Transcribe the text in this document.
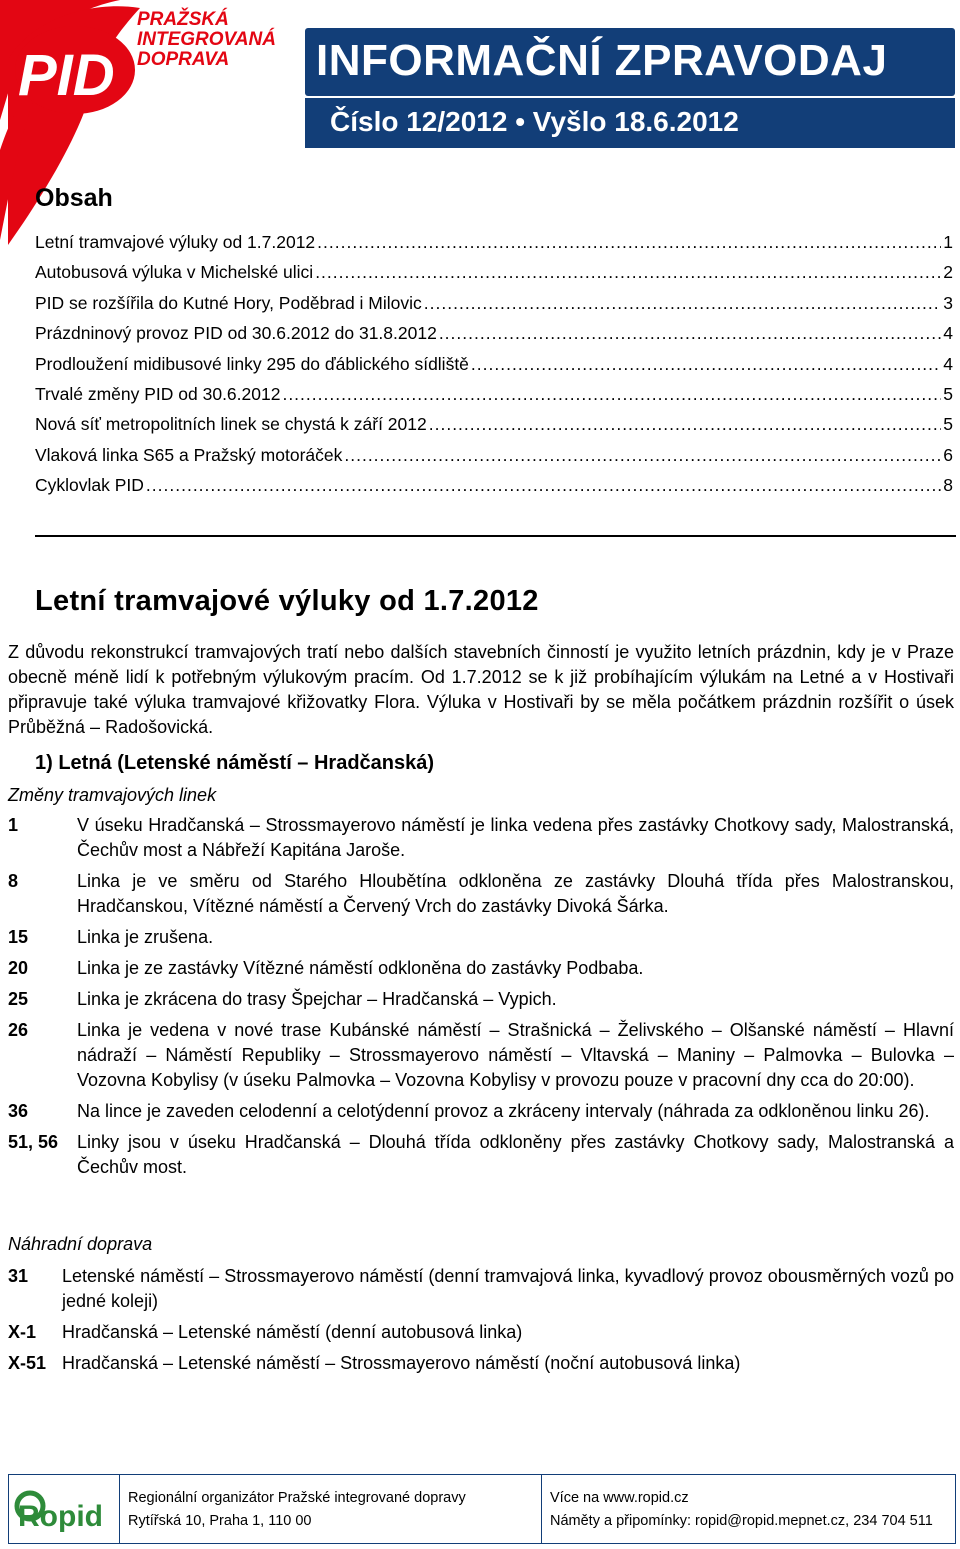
PID
PRAŽSKÁ
INTEGROVANÁ
DOPRAVA	INFORMAČNÍ ZPRAVODAJ
Číslo 12/2012 • Vyšlo 18.6.2012
Obsah
Letní tramvajové výluky od 1.7.2012 .....	1
Autobusová výluka v Michelské ulici .....	2
PID se rozšířila do Kutné Hory, Poděbrad i Milovic .....	3
Prázdninový provoz PID od 30.6.2012 do 31.8.2012 .....	4
Prodloužení midibusové linky 295 do ďáblického sídliště .....	4
Trvalé změny PID od 30.6.2012 .....	5
Nová síť metropolitních linek se chystá k září 2012 .....	5
Vlaková linka S65 a Pražský motoráček .....	6
Cyklovlak PID .....	8
Letní tramvajové výluky od 1.7.2012

Z důvodu rekonstrukcí tramvajových tratí nebo dalších stavebních činností je využito letních prázdnin, kdy je v Praze obecně méně lidí k potřebným výlukovým pracím. Od 1.7.2012 se k již probíhajícím výlukám na Letné a v Hostivaři připravuje také výluka tramvajové křižovatky Flora. Výluka v Hostivaři by se měla počátkem prázdnin rozšířit o úsek Průběžná – Radošovická.

1) Letná (Letenské náměstí – Hradčanská)
Změny tramvajových linek
1	V úseku Hradčanská – Strossmayerovo náměstí je linka vedena přes zastávky Chotkovy sady, Malostranská, Čechův most a Nábřeží Kapitána Jaroše.
8	Linka je ve směru od Starého Hloubětína odkloněna ze zastávky Dlouhá třída přes Malostranskou, Hradčanskou, Vítězné náměstí a Červený Vrch do zastávky Divoká Šárka.
15	Linka je zrušena.
20	Linka je ze zastávky Vítězné náměstí odkloněna do zastávky Podbaba.
25	Linka je zkrácena do trasy Špejchar – Hradčanská – Vypich.
26	Linka je vedena v nové trase Kubánské náměstí – Strašnická – Želivského – Olšanské náměstí – Hlavní nádraží – Náměstí Republiky – Strossmayerovo náměstí – Vltavská – Maniny – Palmovka – Bulovka – Vozovna Kobylisy (v úseku Palmovka – Vozovna Kobylisy v provozu pouze v pracovní dny cca do 20:00).
36	Na lince je zaveden celodenní a celotýdenní provoz a zkráceny intervaly (náhrada za odkloněnou linku 26).
51, 56	Linky jsou v úseku Hradčanská – Dlouhá třída odkloněny přes zastávky Chotkovy sady, Malostranská a Čechův most.
Náhradní doprava
31	Letenské náměstí – Strossmayerovo náměstí (denní tramvajová linka, kyvadlový provoz obousměrných vozů po jedné koleji)
X-1	Hradčanská – Letenské náměstí (denní autobusová linka)
X-51 Hradčanská – Letenské náměstí – Strossmayerovo náměstí (noční autobusová linka)
Ropid
Regionální organizátor Pražské integrované dopravy
Rytířská 10, Praha 1, 110 00
Více na www.ropid.cz
Náměty a připomínky: ropid@ropid.mepnet.cz, 234 704 511
